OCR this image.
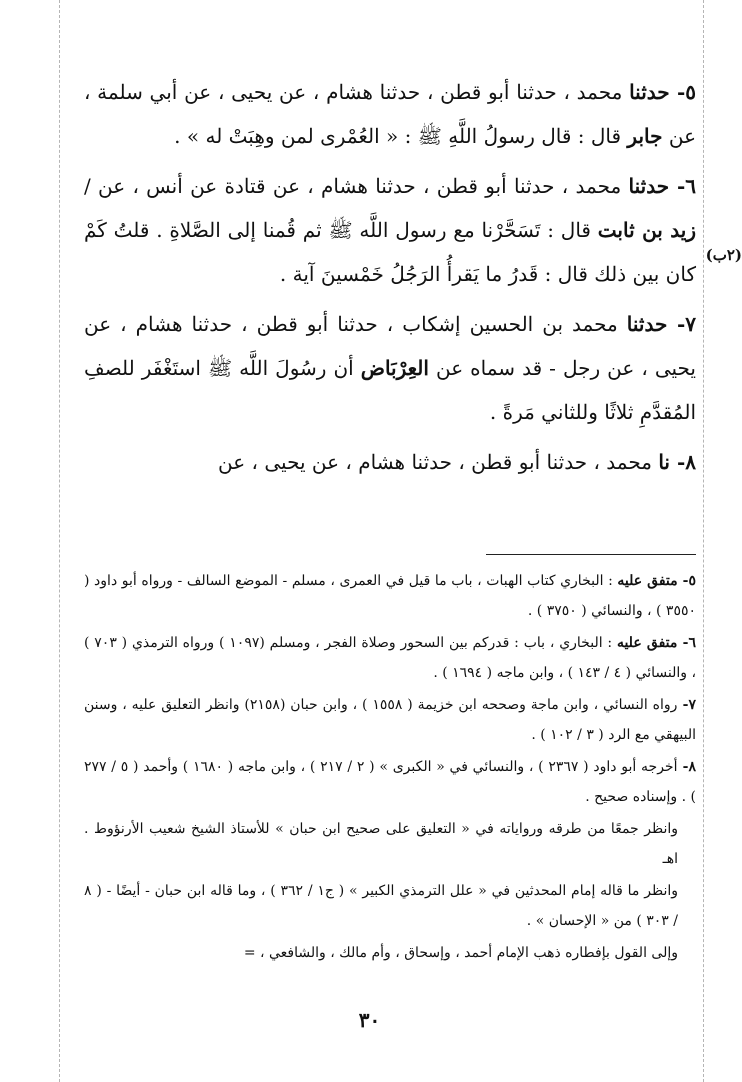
٥- حدثنا محمد ، حدثنا أبو قطن ، حدثنا هشام ، عن يحيى ، عن أبي سلمة ، عن جابر قال : قال رسولُ اللَّهِ ﷺ : « العُمْرى لمن وهِبَتْ له » .

٦- حدثنا محمد ، حدثنا أبو قطن ، حدثنا هشام ، عن قتادة عن أنس ، عن / زيد بن ثابت قال : تَسَحَّرْنا مع رسول اللَّه ﷺ ثم قُمنا إلى الصَّلاةِ . قلتُ كَمْ كان بين ذلك قال : قَدرُ ما يَقرأُ الرَجُلُ خَمْسينَ آية .

٧- حدثنا محمد بن الحسين إشكاب ، حدثنا أبو قطن ، حدثنا هشام ، عن يحيى ، عن رجل - قد سماه عن العِرْبَاض أن رسُولَ اللَّه ﷺ استَغْفَر للصفِ المُقدَّمِ ثلاثًا وللثاني مَرةً .

٨- نا محمد ، حدثنا أبو قطن ، حدثنا هشام ، عن يحيى ، عن

(٢ب)

٥- متفق عليه : البخاري كتاب الهبات ، باب ما قيل في العمرى ، مسلم - الموضع السالف - ورواه أبو داود ( ٣٥٥٠ ) ، والنسائي ( ٣٧٥٠ ) .

٦- متفق عليه : البخاري ، باب : قدركم بين السحور وصلاة الفجر ، ومسلم (١٠٩٧ ) ورواه الترمذي ( ٧٠٣ ) ، والنسائي ( ٤ / ١٤٣ ) ، وابن ماجه ( ١٦٩٤ ) .

٧- رواه النسائي ، وابن ماجة وصححه ابن خزيمة ( ١٥٥٨ ) ، وابن حبان (٢١٥٨) وانظر التعليق عليه ، وسنن البيهقي مع الرد ( ٣ / ١٠٢ ) .

٨- أخرجه أبو داود ( ٢٣٦٧ ) ، والنسائي في « الكبرى » ( ٢ / ٢١٧ ) ، وابن ماجه ( ١٦٨٠ ) وأحمد ( ٥ / ٢٧٧ ) . وإسناده صحيح .

وانظر جمعًا من طرقه ورواياته في « التعليق على صحيح ابن حبان » للأستاذ الشيخ شعيب الأرنؤوط . اهـ

وانظر ما قاله إمام المحدثين في « علل الترمذي الكبير » ( ج١ / ٣٦٢ ) ، وما قاله ابن حبان - أيضًا - ( ٨ / ٣٠٣ ) من « الإحسان » .

وإلى القول بإفطاره ذهب الإمام أحمد ، وإسحاق ، وأم مالك ، والشافعي ، =

٣٠
